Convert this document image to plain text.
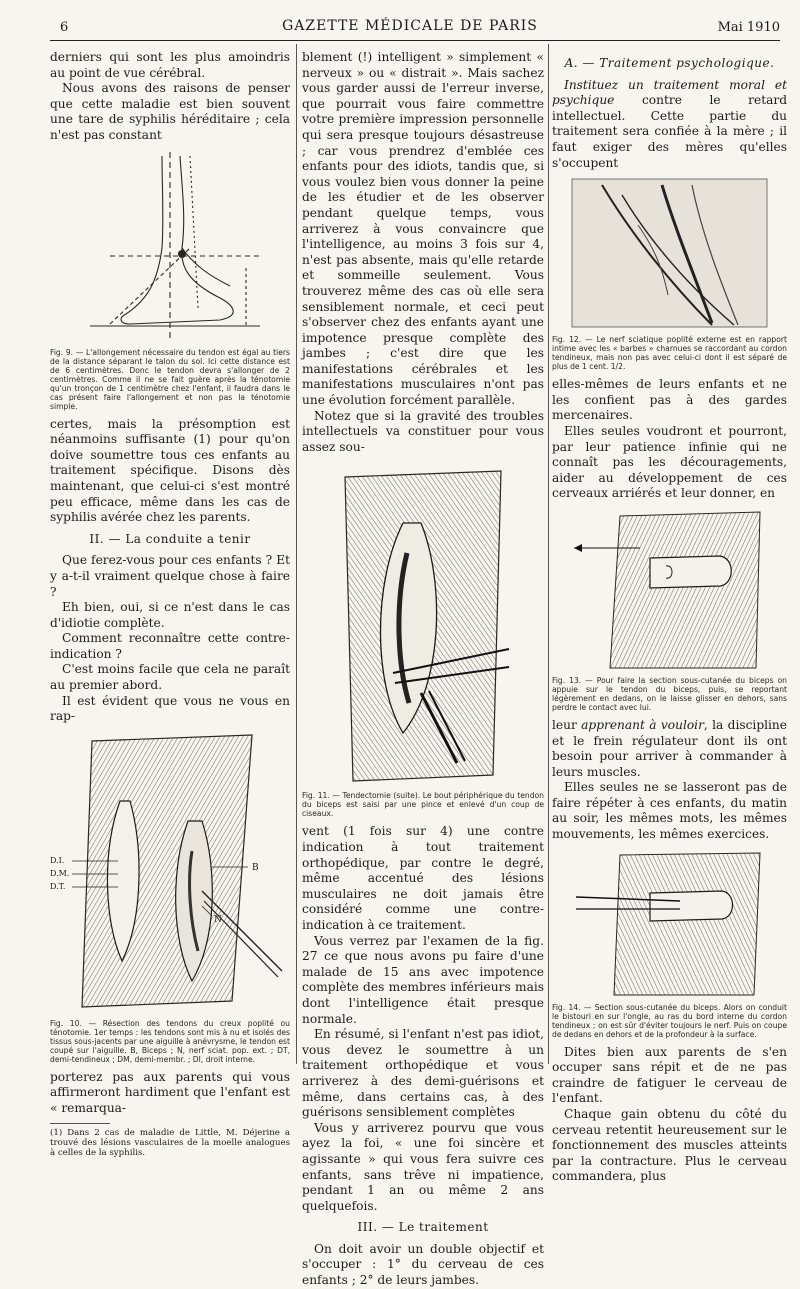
6	GAZETTE MÉDICALE DE PARIS	Mai 1910

derniers qui sont les plus amoindris au point de vue cérébral.

Nous avons des raisons de penser que cette maladie est bien souvent une tare de syphilis héréditaire ; cela n'est pas constant

Fig. 9. — L'allongement nécessaire du tendon est égal au tiers de la distance séparant le talon du sol. Ici cette distance est de 6 centimètres. Donc le tendon devra s'allonger de 2 centimètres. Comme il ne se fait guère après la ténotomie qu'un tronçon de 1 centimètre chez l'enfant, il faudra dans le cas présent faire l'allongement et non pas la ténotomie simple.

certes, mais la présomption est néanmoins suffisante (1) pour qu'on doive soumettre tous ces enfants au traitement spécifique. Disons dès maintenant, que celui-ci s'est montré peu efficace, même dans les cas de syphilis avérée chez les parents.

II. — La conduite a tenir

Que ferez-vous pour ces enfants ? Et y a-t-il vraiment quelque chose à faire ?

Eh bien, oui, si ce n'est dans le cas d'idiotie complète.

Comment reconnaître cette contre-indication ?

C'est moins facile que cela ne paraît au premier abord.

Il est évident que vous ne vous en rap-

D.I.
D.M.
D.T.
B
N
Fig. 10. — Résection des tendons du creux poplité ou ténotomie. 1er temps : les tendons sont mis à nu et isolés des tissus sous-jacents par une aiguille à anévrysme, le tendon est coupé sur l'aiguille. B, Biceps ; N, nerf sciat. pop. ext. ; DT, demi-tendineux ; DM, demi-membr. ; DI, droit interne.

porterez pas aux parents qui vous affirmeront hardiment que l'enfant est « remarqua-

(1) Dans 2 cas de maladie de Little, M. Déjerine a trouvé des lésions vasculaires de la moelle analogues à celles de la syphilis.

blement (!) intelligent » simplement « nerveux » ou « distrait ». Mais sachez vous garder aussi de l'erreur inverse, que pourrait vous faire commettre votre première impression personnelle qui sera presque toujours désastreuse ; car vous prendrez d'emblée ces enfants pour des idiots, tandis que, si vous voulez bien vous donner la peine de les étudier et de les observer pendant quelque temps, vous arriverez à vous convaincre que l'intelligence, au moins 3 fois sur 4, n'est pas absente, mais qu'elle retarde et sommeille seulement. Vous trouverez même des cas où elle sera sensiblement normale, et ceci peut s'observer chez des enfants ayant une impotence presque complète des jambes ; c'est dire que les manifestations cérébrales et les manifestations musculaires n'ont pas une évolution forcément parallèle.

Notez que si la gravité des troubles intellectuels va constituer pour vous assez sou-

Fig. 11. — Tendectomie (suite). Le bout périphérique du tendon du biceps est saisi par une pince et enlevé d'un coup de ciseaux.

vent (1 fois sur 4) une contre indication à tout traitement orthopédique, par contre le degré, même accentué des lésions musculaires ne doit jamais être considéré comme une contre-indication à ce traitement.

Vous verrez par l'examen de la fig. 27 ce que nous avons pu faire d'une malade de 15 ans avec impotence complète des membres inférieurs mais dont l'intelligence était presque normale.

En résumé, si l'enfant n'est pas idiot, vous devez le soumettre à un traitement orthopédique et vous arriverez à des demi-guérisons et même, dans certains cas, à des guérisons sensiblement complètes

Vous y arriverez pourvu que vous ayez la foi, « une foi sincère et agissante » qui vous fera suivre ces enfants, sans trêve ni impatience, pendant 1 an ou même 2 ans quelquefois.

III. — Le traitement

On doit avoir un double objectif et s'occuper : 1° du cerveau de ces enfants ; 2° de leurs jambes.

A. — Traitement psychologique.

Instituez un traitement moral et psychique contre le retard intellectuel. Cette partie du traitement sera confiée à la mère ; il faut exiger des mères qu'elles s'occupent

Fig. 12. — Le nerf sciatique poplité externe est en rapport intime avec les « barbes » charnues se raccordant au cordon tendineux, mais non pas avec celui-ci dont il est séparé de plus de 1 cent. 1/2.

elles-mêmes de leurs enfants et ne les confient pas à des gardes mercenaires.

Elles seules voudront et pourront, par leur patience infinie qui ne connaît pas les découragements, aider au développement de ces cerveaux arriérés et leur donner, en

Fig. 13. — Pour faire la section sous-cutanée du biceps on appuie sur le tendon du biceps, puis, se reportant légèrement en dedans, on le laisse glisser en dehors, sans perdre le contact avec lui.

leur apprenant à vouloir, la discipline et le frein régulateur dont ils ont besoin pour arriver à commander à leurs muscles.

Elles seules ne se lasseront pas de faire répéter à ces enfants, du matin au soir, les mêmes mots, les mêmes mouvements, les mêmes exercices.

Fig. 14. — Section sous-cutanée du biceps. Alors on conduit le bistouri en sur l'ongle, au ras du bord interne du cordon tendineux ; on est sûr d'éviter toujours le nerf. Puis on coupe de dedans en dehors et de la profondeur à la surface.

Dites bien aux parents de s'en occuper sans répit et de ne pas craindre de fatiguer le cerveau de l'enfant.

Chaque gain obtenu du côté du cerveau retentit heureusement sur le fonctionnement des muscles atteints par la contracture. Plus le cerveau commandera, plus
